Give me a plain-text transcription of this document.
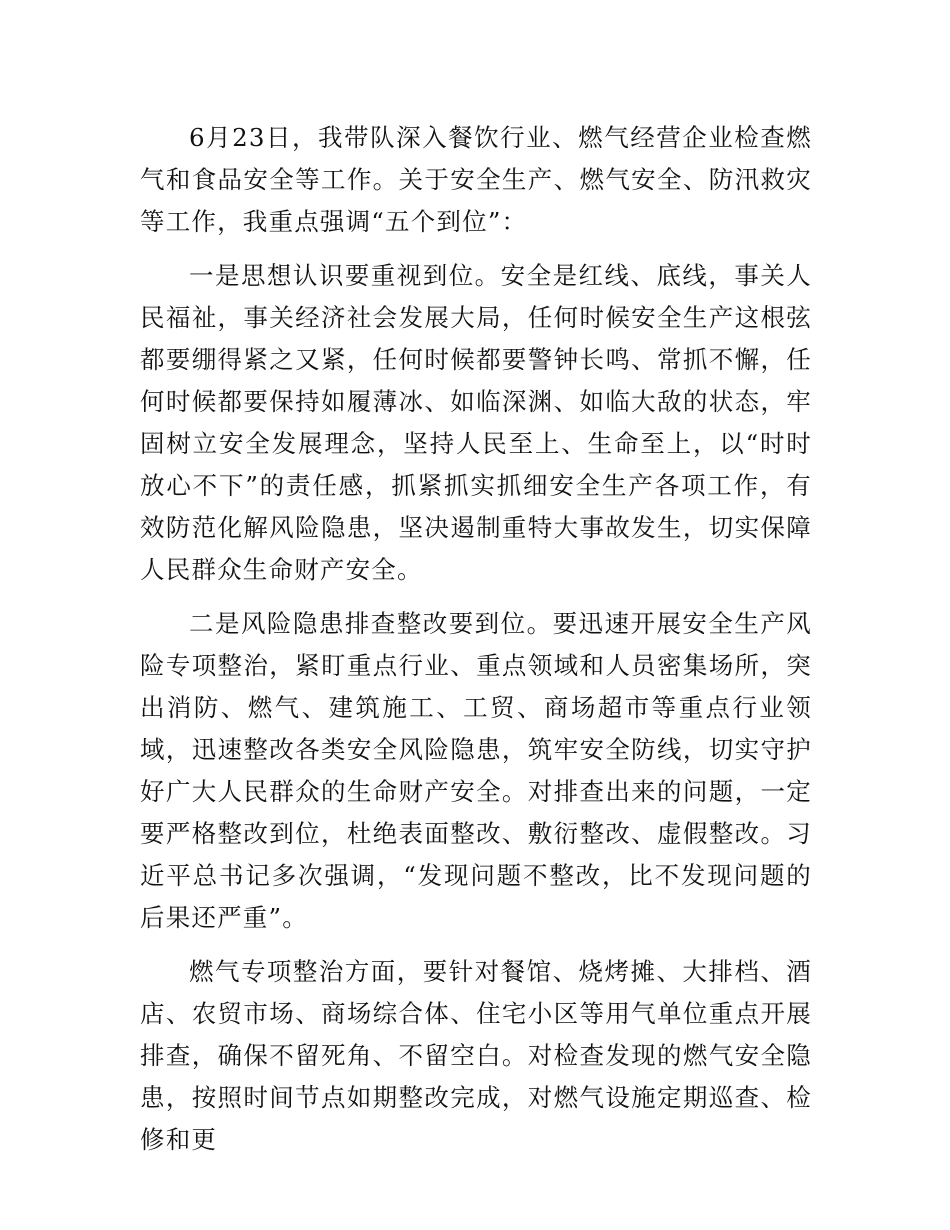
6月23日，我带队深入餐饮行业、燃气经营企业检查燃气和食品安全等工作。关于安全生产、燃气安全、防汛救灾等工作，我重点强调“五个到位”：

一是思想认识要重视到位。安全是红线、底线，事关人民福祉，事关经济社会发展大局，任何时候安全生产这根弦都要绷得紧之又紧，任何时候都要警钟长鸣、常抓不懈，任何时候都要保持如履薄冰、如临深渊、如临大敌的状态，牢固树立安全发展理念，坚持人民至上、生命至上，以“时时放心不下”的责任感，抓紧抓实抓细安全生产各项工作，有效防范化解风险隐患，坚决遏制重特大事故发生，切实保障人民群众生命财产安全。

二是风险隐患排查整改要到位。要迅速开展安全生产风险专项整治，紧盯重点行业、重点领域和人员密集场所，突出消防、燃气、建筑施工、工贸、商场超市等重点行业领域，迅速整改各类安全风险隐患，筑牢安全防线，切实守护好广大人民群众的生命财产安全。对排查出来的问题，一定要严格整改到位，杜绝表面整改、敷衍整改、虚假整改。习近平总书记多次强调，“发现问题不整改，比不发现问题的后果还严重”。

燃气专项整治方面，要针对餐馆、烧烤摊、大排档、酒店、农贸市场、商场综合体、住宅小区等用气单位重点开展排查，确保不留死角、不留空白。对检查发现的燃气安全隐患，按照时间节点如期整改完成，对燃气设施定期巡查、检修和更
